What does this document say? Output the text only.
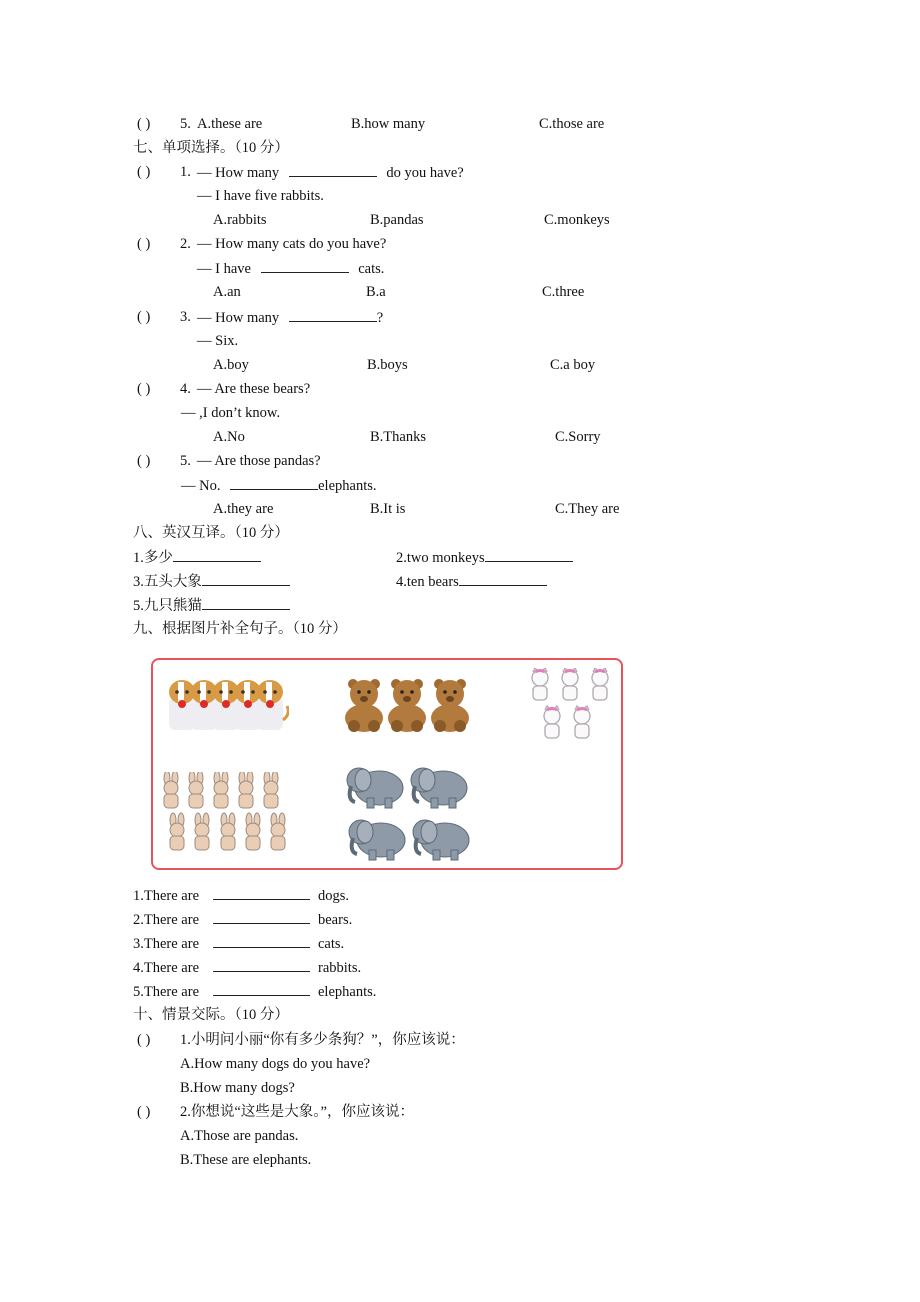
( ) 5. A.these are	B.how many	C.those are
七、单项选择。（10 分）
( ) 1. — How many	do you have?
— I have five rabbits.
A.rabbits	B.pandas	C.monkeys
( ) 2. — How many cats do you have?
— I have	cats.
A.an	B.a	C.three
( ) 3. — How many	?
— Six.
A.boy	B.boys	C.a boy
( ) 4. — Are these bears?
— ,I don’t know.
A.No	B.Thanks	C.Sorry
( ) 5. — Are those pandas?
— No.	elephants.
A.they are	B.It is	C.They are
八、英汉互译。（10 分）
1.多少	2.two monkeys
3.五头大象	4.ten bears
5.九只熊猫
九、根据图片补全句子。（10 分）
1.There are	dogs.
2.There are	bears.
3.There are	cats.
4.There are	rabbits.
5.There are	elephants.
十、情景交际。（10 分）
( ) 1.小明问小丽“你有多少条狗？”，你应该说：
A.How many dogs do you have?
B.How many dogs?
( ) 2.你想说“这些是大象。”，你应该说：
A.Those are pandas.
B.These are elephants.
